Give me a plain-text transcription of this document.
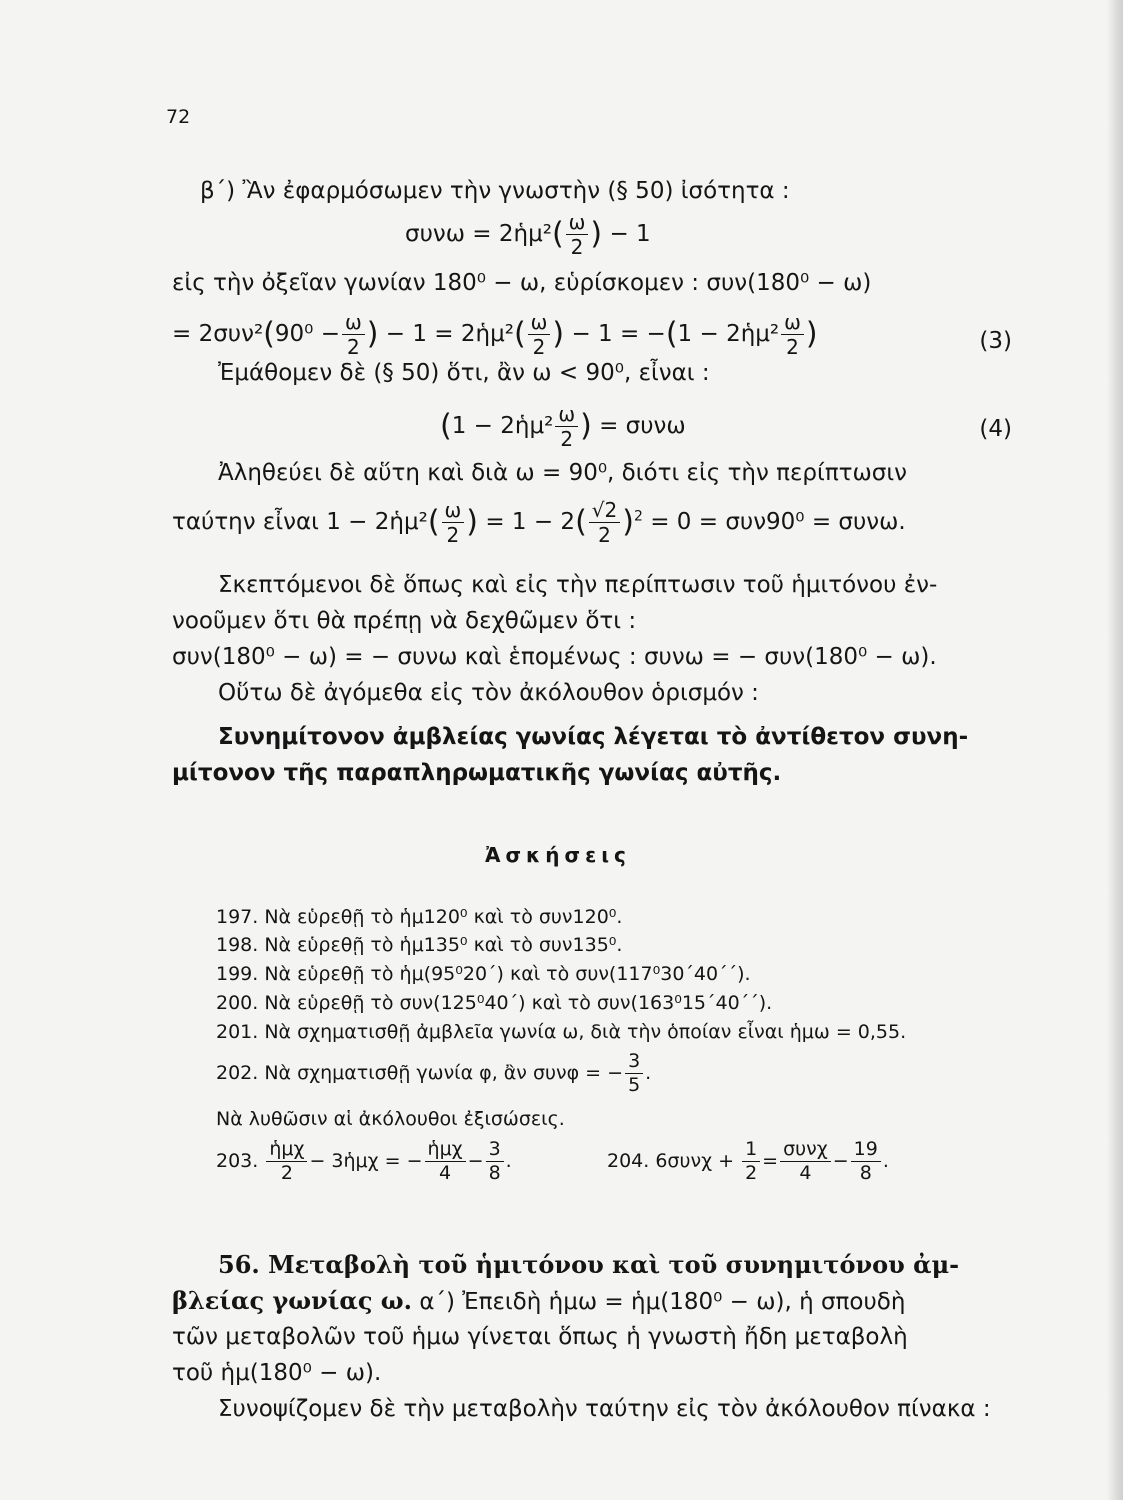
72
β΄) Ἂν ἐφαρμόσωμεν τὴν γνωστὴν (§ 50) ἰσότητα :
συνω = 2ἡμ²( $\frac{\omega}{2}$ ) − 1
εἰς τὴν ὀξεῖαν γωνίαν 180⁰ − ω, εὑρίσκομεν : συν(180⁰ − ω)
= $2\sigma\upsilon\nu^2(90^0 - \frac{\omega}{2}$ ) − 1 = 2ἡμ²( $\frac{\omega}{2}$ ) − 1 = −(1 − 2ἡμ² $\frac{\omega}{2}$ )	(3)
Ἐμάθομεν δὲ (§ 50) ὅτι, ἂν ω < 90⁰, εἶναι :
(1 − 2ἡμ² $\frac{\omega}{2}$ ) = συνω	(4)
Ἀληθεύει δὲ αὕτη καὶ διὰ ω = 90⁰, διότι εἰς τὴν περίπτωσιν
ταύτην εἶναι 1 − 2ἡμ²( $\frac{\omega}{2}$ ) = $1 - 2( \frac{√2}{2} )^2 = 0 = \sigma\upsilon\nu 90^0 = \sigma\upsilon\nu\omega$.
Σκεπτόμενοι δὲ ὅπως καὶ εἰς τὴν περίπτωσιν τοῦ ἡμιτόνου ἐν-
νοοῦμεν ὅτι θὰ πρέπῃ νὰ δεχθῶμεν ὅτι :
συν(180⁰ − ω) = − συνω καὶ ἑπομένως : συνω = − συν(180⁰ − ω).
Οὕτω δὲ ἀγόμεθα εἰς τὸν ἀκόλουθον ὁρισμόν :
Συνημίτονον ἀμβλείας γωνίας λέγεται τὸ ἀντίθετον συνη-
μίτονον τῆς παραπληρωματικῆς γωνίας αὐτῆς.
Ἀσκήσεις
197. Νὰ εὑρεθῇ τὸ ἡμ120⁰ καὶ τὸ συν120⁰.
198. Νὰ εὑρεθῇ τὸ ἡμ135⁰ καὶ τὸ συν135⁰.
199. Νὰ εὑρεθῇ τὸ ἡμ(95⁰20΄) καὶ τὸ συν(117⁰30΄40΄΄).
200. Νὰ εὑρεθῇ τὸ συν(125⁰40΄) καὶ τὸ συν(163⁰15΄40΄΄).
201. Νὰ σχηματισθῇ ἀμβλεῖα γωνία ω, διὰ τὴν ὁποίαν εἶναι ἡμω = 0,55.
202. Νὰ σχηματισθῇ γωνία φ, ἂν συνφ = − $\frac{3}{5}$ .
Νὰ λυθῶσιν αἱ ἀκόλουθοι ἐξισώσεις.
203. $\frac{\text{ἡμχ}}{2}$ − 3ἡμχ = − $\frac{\text{ἡμχ}}{4} - \frac{3}{8}$ .	204. $6\sigma\upsilon\nu\chi + \frac{1}{2} = \frac{\text{συνχ}}{4} - \frac{19}{8}$ .
56. Μεταβολὴ τοῦ ἡμιτόνου καὶ τοῦ συνημιτόνου ἀμ-
βλείας γωνίας ω. α΄) Ἐπειδὴ ἡμω = ἡμ(180⁰ − ω), ἡ σπουδὴ
τῶν μεταβολῶν τοῦ ἡμω γίνεται ὅπως ἡ γνωστὴ ἤδη μεταβολὴ
τοῦ ἡμ(180⁰ − ω).
Συνοψίζομεν δὲ τὴν μεταβολὴν ταύτην εἰς τὸν ἀκόλουθον πίνακα :
